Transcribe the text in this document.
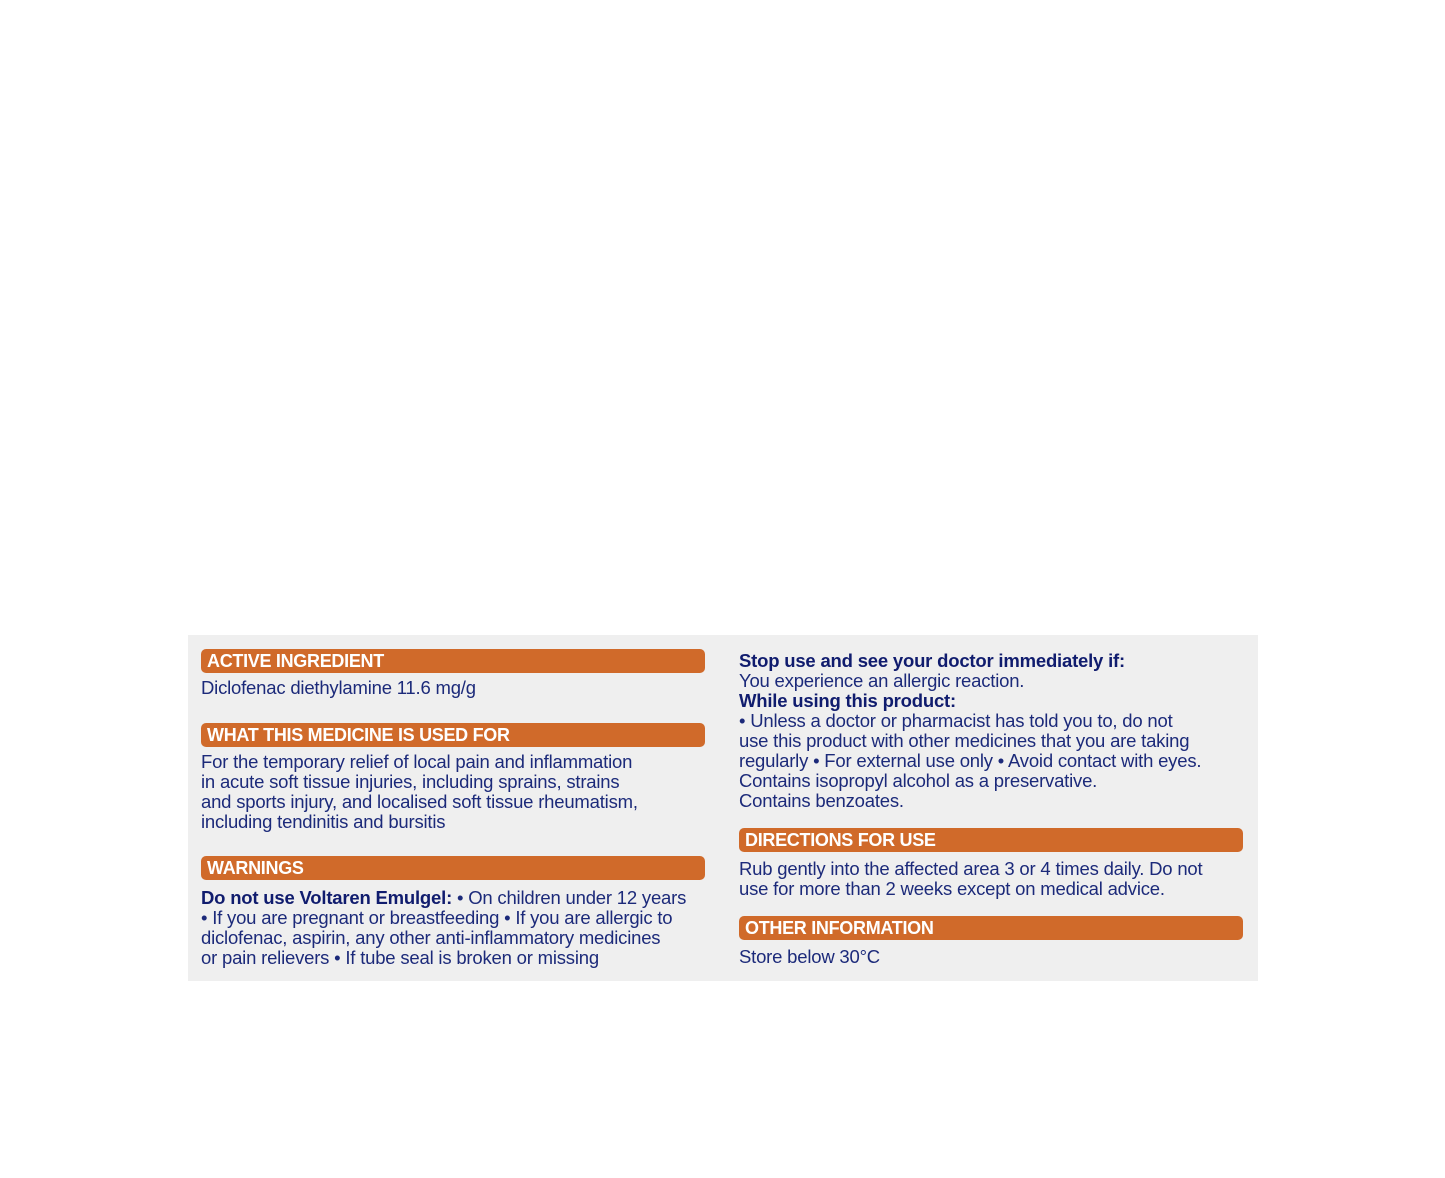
ACTIVE INGREDIENT
Diclofenac diethylamine 11.6 mg/g
WHAT THIS MEDICINE IS USED FOR
For the temporary relief of local pain and inflammation
in acute soft tissue injuries, including sprains, strains
and sports injury, and localised soft tissue rheumatism,
including tendinitis and bursitis
WARNINGS
Do not use Voltaren Emulgel: • On children under 12 years
• If you are pregnant or breastfeeding • If you are allergic to
diclofenac, aspirin, any other anti-inflammatory medicines
or pain relievers • If tube seal is broken or missing
Stop use and see your doctor immediately if:
You experience an allergic reaction.
While using this product:
• Unless a doctor or pharmacist has told you to, do not
use this product with other medicines that you are taking
regularly • For external use only • Avoid contact with eyes.
Contains isopropyl alcohol as a preservative.
Contains benzoates.
DIRECTIONS FOR USE
Rub gently into the affected area 3 or 4 times daily. Do not
use for more than 2 weeks except on medical advice.
OTHER INFORMATION
Store below 30°C
